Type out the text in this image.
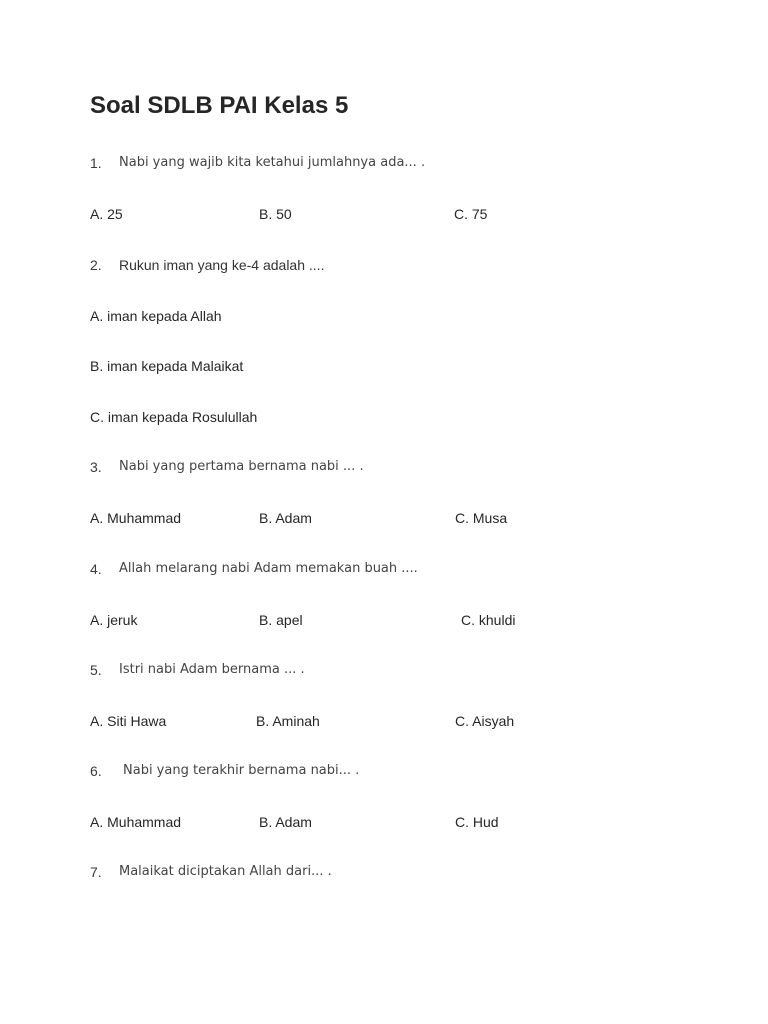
Soal SDLB PAI Kelas 5
1. Nabi yang wajib kita ketahui jumlahnya ada... .
A. 25	B. 50	C. 75
2. Rukun iman yang ke-4 adalah ....
A. iman kepada Allah
B. iman kepada Malaikat
C. iman kepada Rosulullah
3. Nabi yang pertama bernama nabi ... .
A. Muhammad	B. Adam	C. Musa
4. Allah melarang nabi Adam memakan buah ....
A. jeruk	B. apel	C. khuldi
5. Istri nabi Adam bernama ... .
A. Siti Hawa	B. Aminah	C. Aisyah
6. Nabi yang terakhir bernama nabi... .
A. Muhammad	B. Adam	C. Hud
7. Malaikat diciptakan Allah dari... .
